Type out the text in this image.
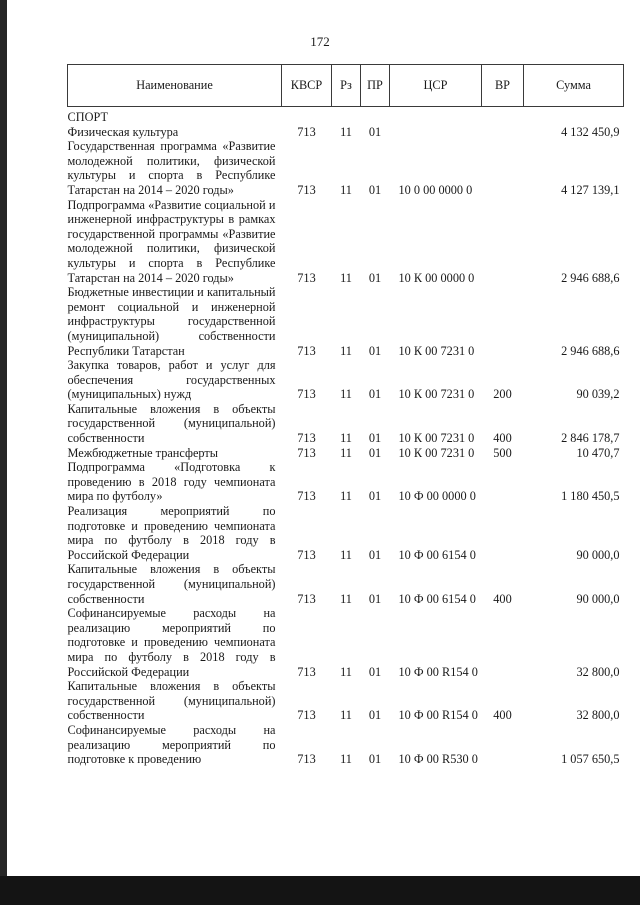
172
Наименование	КВСР	Рз	ПР	ЦСР	ВР	Сумма
СПОРТ						
Физическая культура	713	11	01			4 132 450,9
Государственная программа «Развитие молодежной политики, физической культуры и спорта в Республике Татарстан на 2014 – 2020 годы»	713	11	01	10 0 00 0000 0		4 127 139,1
Подпрограмма «Развитие социальной и инженерной инфраструктуры в рамках государственной программы «Развитие молодежной политики, физической культуры и спорта в Республике Татарстан на 2014 – 2020 годы»	713	11	01	10 К 00 0000 0		2 946 688,6
Бюджетные инвестиции и капитальный ремонт социальной и инженерной инфраструктуры государственной (муниципальной) собственности Республики Татарстан	713	11	01	10 К 00 7231 0		2 946 688,6
Закупка товаров, работ и услуг для обеспечения государственных (муниципальных) нужд	713	11	01	10 К 00 7231 0	200	90 039,2
Капитальные вложения в объекты государственной (муниципальной) собственности	713	11	01	10 К 00 7231 0	400	2 846 178,7
Межбюджетные трансферты	713	11	01	10 К 00 7231 0	500	10 470,7
Подпрограмма «Подготовка к проведению в 2018 году чемпионата мира по футболу»	713	11	01	10 Ф 00 0000 0		1 180 450,5
Реализация мероприятий по подготовке и проведению чемпионата мира по футболу в 2018 году в Российской Федерации	713	11	01	10 Ф 00 6154 0		90 000,0
Капитальные вложения в объекты государственной (муниципальной) собственности	713	11	01	10 Ф 00 6154 0	400	90 000,0
Софинансируемые расходы на реализацию мероприятий по подготовке и проведению чемпионата мира по футболу в 2018 году в Российской Федерации	713	11	01	10 Ф 00 R154 0		32 800,0
Капитальные вложения в объекты государственной (муниципальной) собственности	713	11	01	10 Ф 00 R154 0	400	32 800,0
Софинансируемые расходы на реализацию мероприятий по подготовке к проведению	713	11	01	10 Ф 00 R530 0		1 057 650,5
